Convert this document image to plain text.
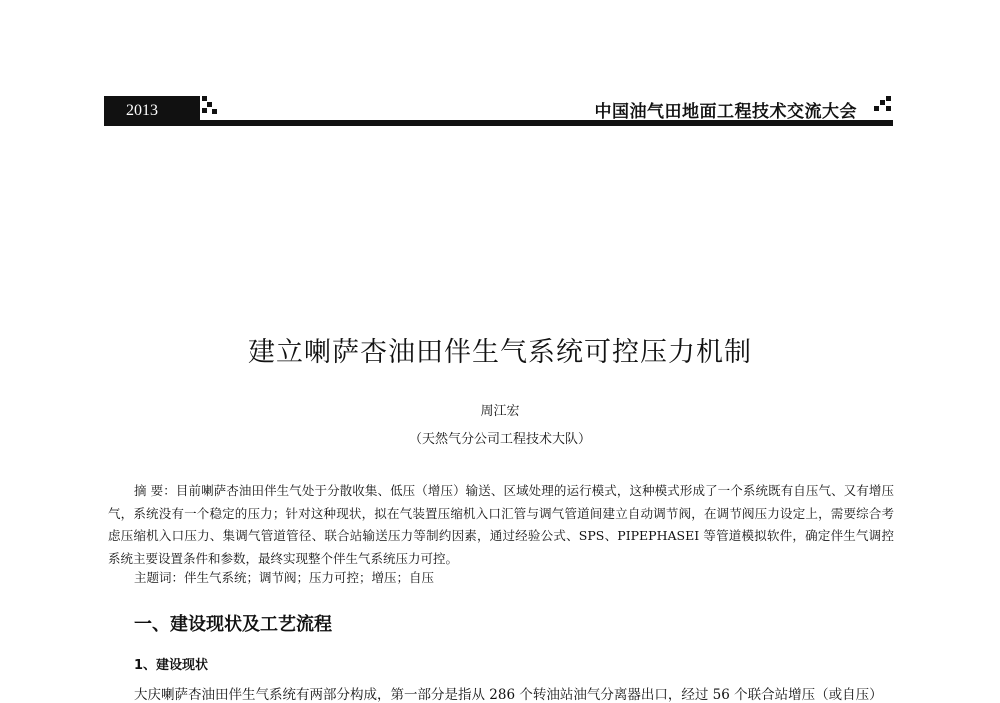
2013	中国油气田地面工程技术交流大会
建立喇萨杏油田伴生气系统可控压力机制
周江宏
（天然气分公司工程技术大队）
摘 要：目前喇萨杏油田伴生气处于分散收集、低压（增压）输送、区域处理的运行模式，这种模式形成了一个系统既有自压气、又有增压气，系统没有一个稳定的压力；针对这种现状，拟在气装置压缩机入口汇管与调气管道间建立自动调节阀，在调节阀压力设定上，需要综合考虑压缩机入口压力、集调气管道管径、联合站输送压力等制约因素，通过经验公式、SPS、PIPEPHASEI 等管道模拟软件，确定伴生气调控系统主要设置条件和参数，最终实现整个伴生气系统压力可控。
主题词：伴生气系统；调节阀；压力可控；增压；自压
一、建设现状及工艺流程
1、建设现状
大庆喇萨杏油田伴生气系统有两部分构成，第一部分是指从 286 个转油站油气分离器出口，经过 56 个联合站增压（或自压）
